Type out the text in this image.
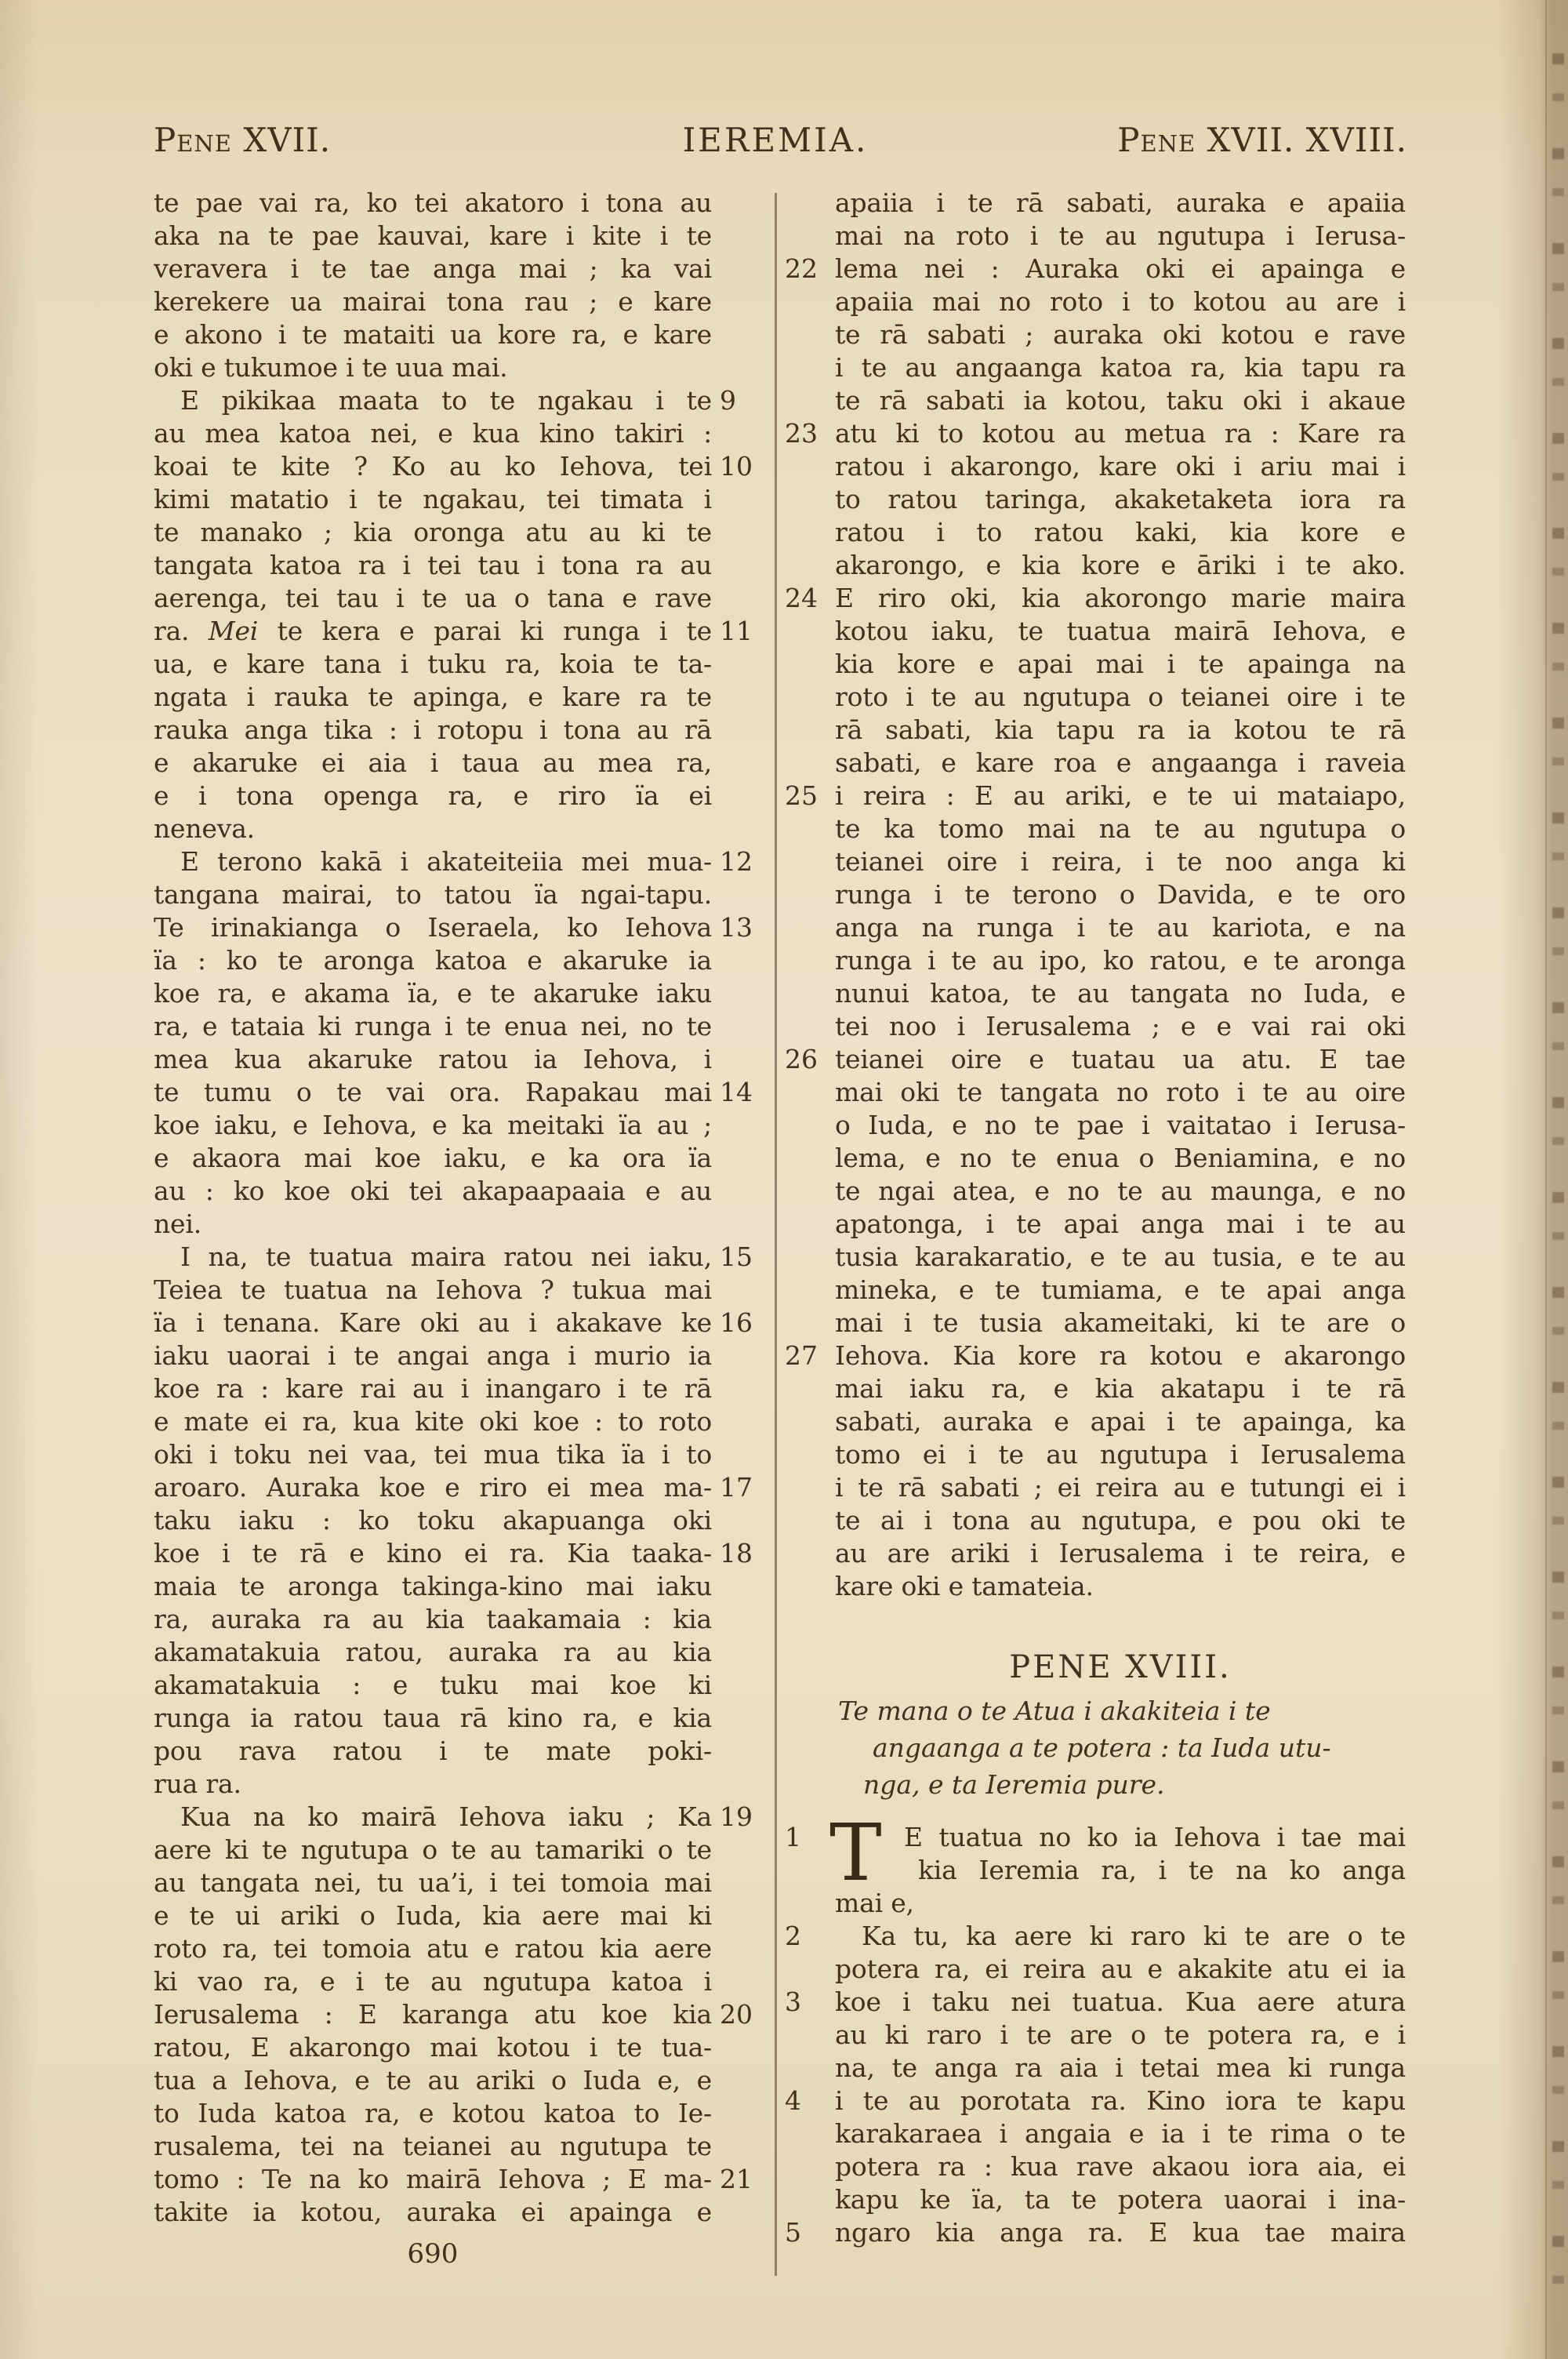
Pene XVII.	IEREMIA.	Pene XVII. XVIII.
te pae vai ra, ko tei akatoro i tona au
aka na te pae kauvai, kare i kite i te
veravera i te tae anga mai ; ka vai
kerekere ua mairai tona rau ; e kare
e akono i te mataiti ua kore ra, e kare
oki e tukumoe i te uua mai.
E pikikaa maata to te ngakau i te 9
au mea katoa nei, e kua kino takiri :
koai te kite ? Ko au ko Iehova, tei 10
kimi matatio i te ngakau, tei timata i
te manako ; kia oronga atu au ki te
tangata katoa ra i tei tau i tona ra au
aerenga, tei tau i te ua o tana e rave
ra. Mei te kera e parai ki runga i te 11
ua, e kare tana i tuku ra, koia te ta-
ngata i rauka te apinga, e kare ra te
rauka anga tika : i rotopu i tona au rā
e akaruke ei aia i taua au mea ra,
e i tona openga ra, e riro ïa ei
neneva.
E terono kakā i akateiteiia mei mua- 12
tangana mairai, to tatou ïa ngai-tapu.
Te irinakianga o Iseraela, ko Iehova 13
ïa : ko te aronga katoa e akaruke ia
koe ra, e akama ïa, e te akaruke iaku
ra, e tataia ki runga i te enua nei, no te
mea kua akaruke ratou ia Iehova, i
te tumu o te vai ora. Rapakau mai 14
koe iaku, e Iehova, e ka meitaki ïa au ;
e akaora mai koe iaku, e ka ora ïa
au : ko koe oki tei akapaapaaia e au
nei.
I na, te tuatua maira ratou nei iaku, 15
Teiea te tuatua na Iehova ? tukua mai
ïa i tenana. Kare oki au i akakave ke 16
iaku uaorai i te angai anga i murio ia
koe ra : kare rai au i inangaro i te rā
e mate ei ra, kua kite oki koe : to roto
oki i toku nei vaa, tei mua tika ïa i to
aroaro. Auraka koe e riro ei mea ma- 17
taku iaku : ko toku akapuanga oki
koe i te rā e kino ei ra. Kia taaka- 18
maia te aronga takinga-kino mai iaku
ra, auraka ra au kia taakamaia : kia
akamatakuia ratou, auraka ra au kia
akamatakuia : e tuku mai koe ki
runga ia ratou taua rā kino ra, e kia
pou rava ratou i te mate poki-
rua ra.
Kua na ko mairā Iehova iaku ; Ka 19
aere ki te ngutupa o te au tamariki o te
au tangata nei, tu ua’i, i tei tomoia mai
e te ui ariki o Iuda, kia aere mai ki
roto ra, tei tomoia atu e ratou kia aere
ki vao ra, e i te au ngutupa katoa i
Ierusalema : E karanga atu koe kia 20
ratou, E akarongo mai kotou i te tua-
tua a Iehova, e te au ariki o Iuda e, e
to Iuda katoa ra, e kotou katoa to Ie-
rusalema, tei na teianei au ngutupa te
tomo : Te na ko mairā Iehova ; E ma- 21
takite ia kotou, auraka ei apainga e
apaiia i te rā sabati, auraka e apaiia
mai na roto i te au ngutupa i Ierusa-
lema nei : Auraka oki ei apainga e
22
apaiia mai no roto i to kotou au are i
te rā sabati ; auraka oki kotou e rave
i te au angaanga katoa ra, kia tapu ra
te rā sabati ia kotou, taku oki i akaue
atu ki to kotou au metua ra : Kare ra
23
ratou i akarongo, kare oki i ariu mai i
to ratou taringa, akaketaketa iora ra
ratou i to ratou kaki, kia kore e
akarongo, e kia kore e āriki i te ako.
E riro oki, kia akorongo marie maira
24
kotou iaku, te tuatua mairā Iehova, e
kia kore e apai mai i te apainga na
roto i te au ngutupa o teianei oire i te
rā sabati, kia tapu ra ia kotou te rā
sabati, e kare roa e angaanga i raveia
i reira : E au ariki, e te ui mataiapo,
25
te ka tomo mai na te au ngutupa o
teianei oire i reira, i te noo anga ki
runga i te terono o Davida, e te oro
anga na runga i te au kariota, e na
runga i te au ipo, ko ratou, e te aronga
nunui katoa, te au tangata no Iuda, e
tei noo i Ierusalema ; e e vai rai oki
teianei oire e tuatau ua atu. E tae
26
mai oki te tangata no roto i te au oire
o Iuda, e no te pae i vaitatao i Ierusa-
lema, e no te enua o Beniamina, e no
te ngai atea, e no te au maunga, e no
apatonga, i te apai anga mai i te au
tusia karakaratio, e te au tusia, e te au
mineka, e te tumiama, e te apai anga
mai i te tusia akameitaki, ki te are o
Iehova. Kia kore ra kotou e akarongo
27
mai iaku ra, e kia akatapu i te rā
sabati, auraka e apai i te apainga, ka
tomo ei i te au ngutupa i Ierusalema
i te rā sabati ; ei reira au e tutungi ei i
te ai i tona au ngutupa, e pou oki te
au are ariki i Ierusalema i te reira, e
kare oki e tamateia.
PENE XVIII.
Te mana o te Atua i akakiteia i te
angaanga a te potera : ta Iuda utu-
nga, e ta Ieremia pure.
T E tuatua no ko ia Iehova i tae mai
1
kia Ieremia ra, i te na ko anga
mai e,
Ka tu, ka aere ki raro ki te are o te
2
potera ra, ei reira au e akakite atu ei ia
koe i taku nei tuatua. Kua aere atura
3
au ki raro i te are o te potera ra, e i
na, te anga ra aia i tetai mea ki runga
i te au porotata ra. Kino iora te kapu
4
karakaraea i angaia e ia i te rima o te
potera ra : kua rave akaou iora aia, ei
kapu ke ïa, ta te potera uaorai i ina-
ngaro kia anga ra. E kua tae maira
5
690
